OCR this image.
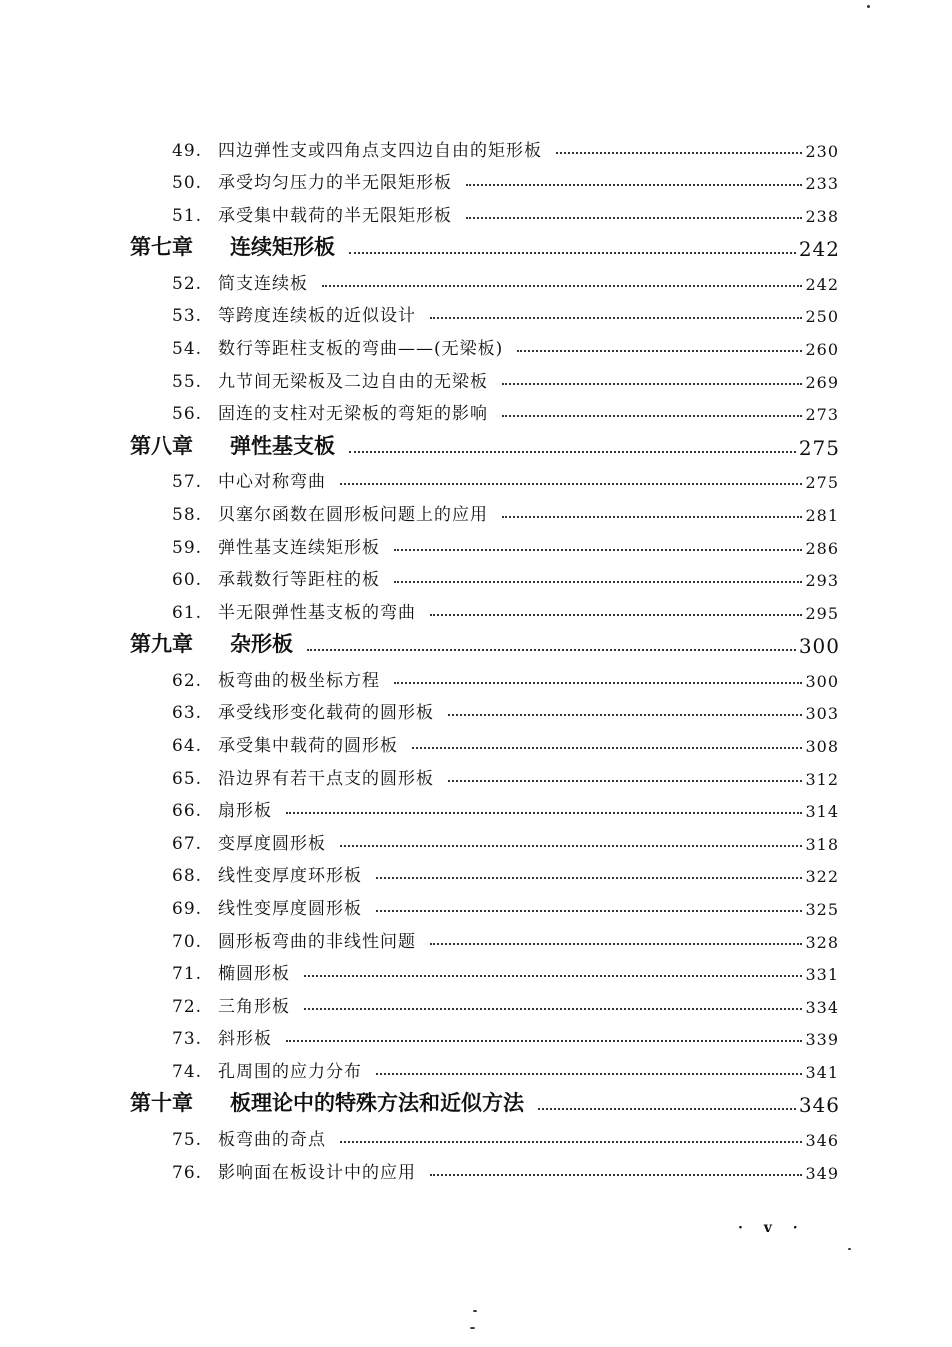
49. 四边弹性支或四角点支四边自由的矩形板	230
50. 承受均匀压力的半无限矩形板	233
51. 承受集中载荷的半无限矩形板	238
第七章	连续矩形板	242
52. 简支连续板	242
53. 等跨度连续板的近似设计	250
54. 数行等距柱支板的弯曲——(无梁板)	260
55. 九节间无梁板及二边自由的无梁板	269
56. 固连的支柱对无梁板的弯矩的影响	273
第八章	弹性基支板	275
57. 中心对称弯曲	275
58. 贝塞尔函数在圆形板问题上的应用	281
59. 弹性基支连续矩形板	286
60. 承载数行等距柱的板	293
61. 半无限弹性基支板的弯曲	295
第九章	杂形板	300
62. 板弯曲的极坐标方程	300
63. 承受线形变化载荷的圆形板	303
64. 承受集中载荷的圆形板	308
65. 沿边界有若干点支的圆形板	312
66. 扇形板	314
67. 变厚度圆形板	318
68. 线性变厚度环形板	322
69. 线性变厚度圆形板	325
70. 圆形板弯曲的非线性问题	328
71. 椭圆形板	331
72. 三角形板	334
73. 斜形板	339
74. 孔周围的应力分布	341
第十章	板理论中的特殊方法和近似方法	346
75. 板弯曲的奇点	346
76. 影响面在板设计中的应用	349
· v ·
